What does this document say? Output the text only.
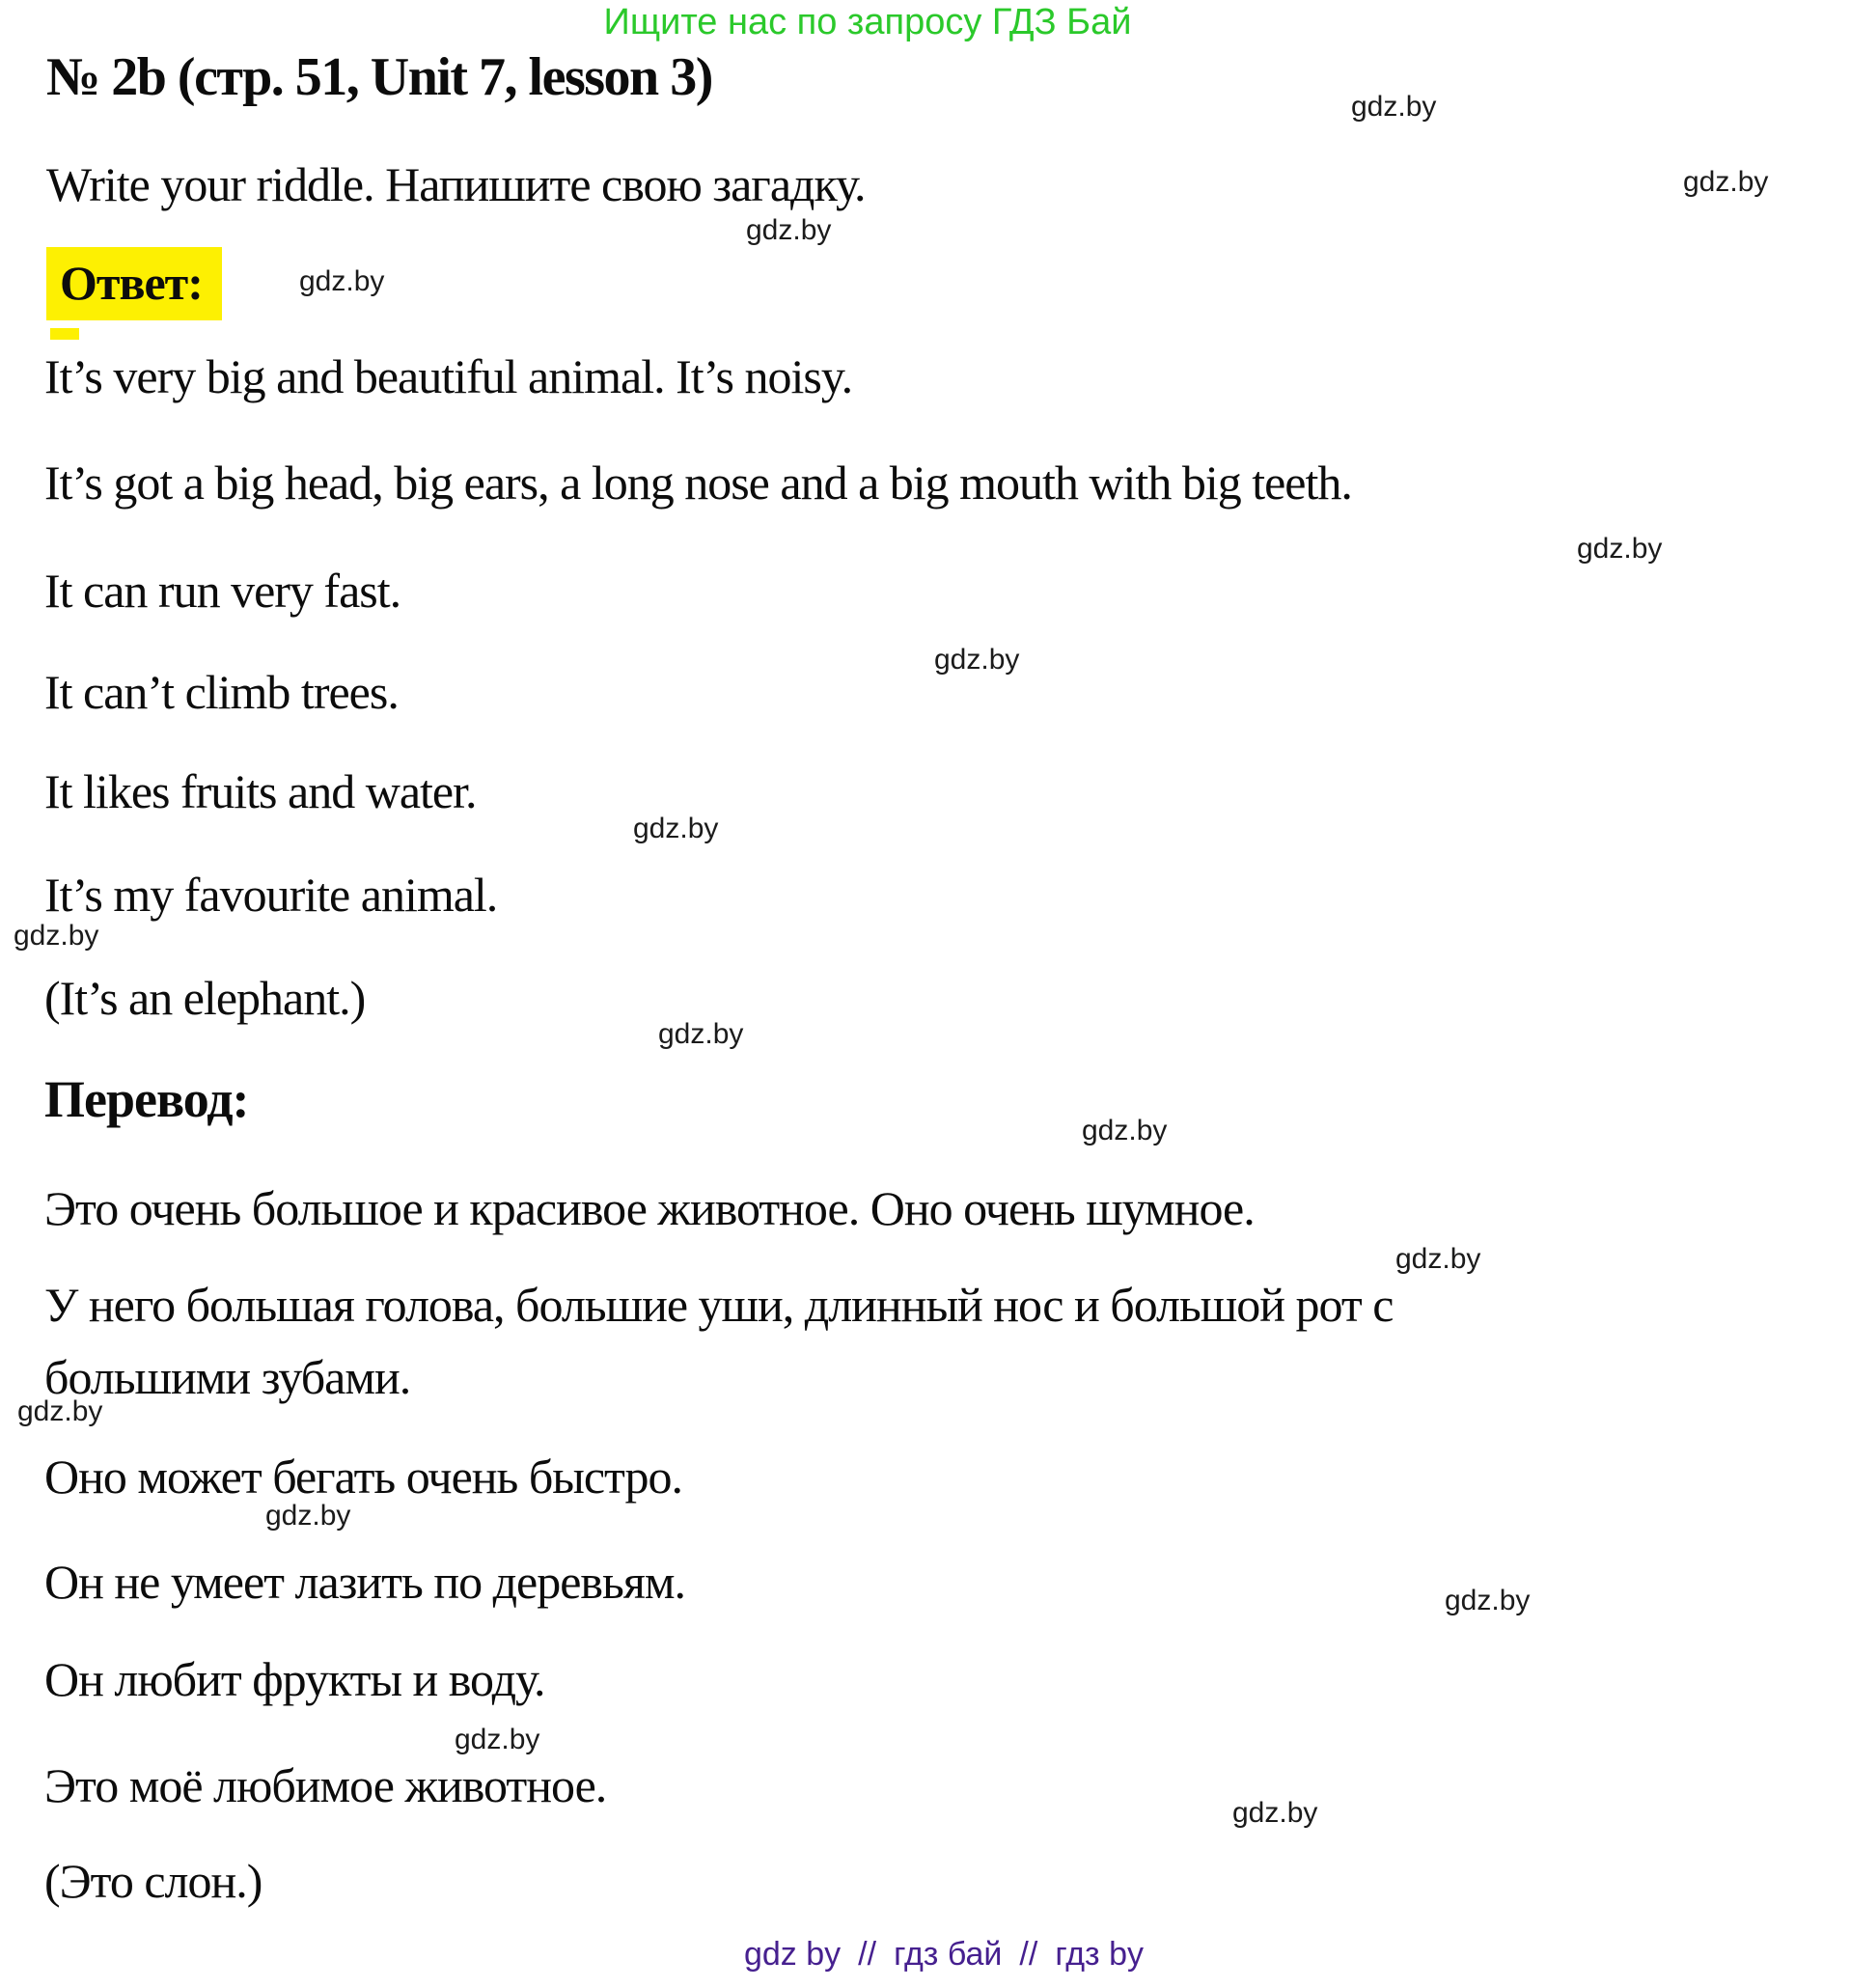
Ищите нас по запросу ГДЗ Бай
№ 2b (стр. 51, Unit 7, lesson 3)
Write your riddle. Напишите свою загадку.
Ответ:
It’s very big and beautiful animal. It’s noisy.
It’s got a big head, big ears, a long nose and a big mouth with big teeth.
It can run very fast.
It can’t climb trees.
It likes fruits and water.
It’s my favourite animal.
(It’s an elephant.)
Перевод:
Это очень большое и красивое животное. Оно очень шумное.
У него большая голова, большие уши, длинный нос и большой рот с
большими зубами.
Оно может бегать очень быстро.
Он не умеет лазить по деревьям.
Он любит фрукты и воду.
Это моё любимое животное.
(Это слон.)
gdz.by
gdz.by
gdz.by
gdz.by
gdz.by
gdz.by
gdz.by
gdz.by
gdz.by
gdz.by
gdz.by
gdz.by
gdz.by
gdz.by
gdz.by
gdz.by
gdz by // гдз бай // гдз by
